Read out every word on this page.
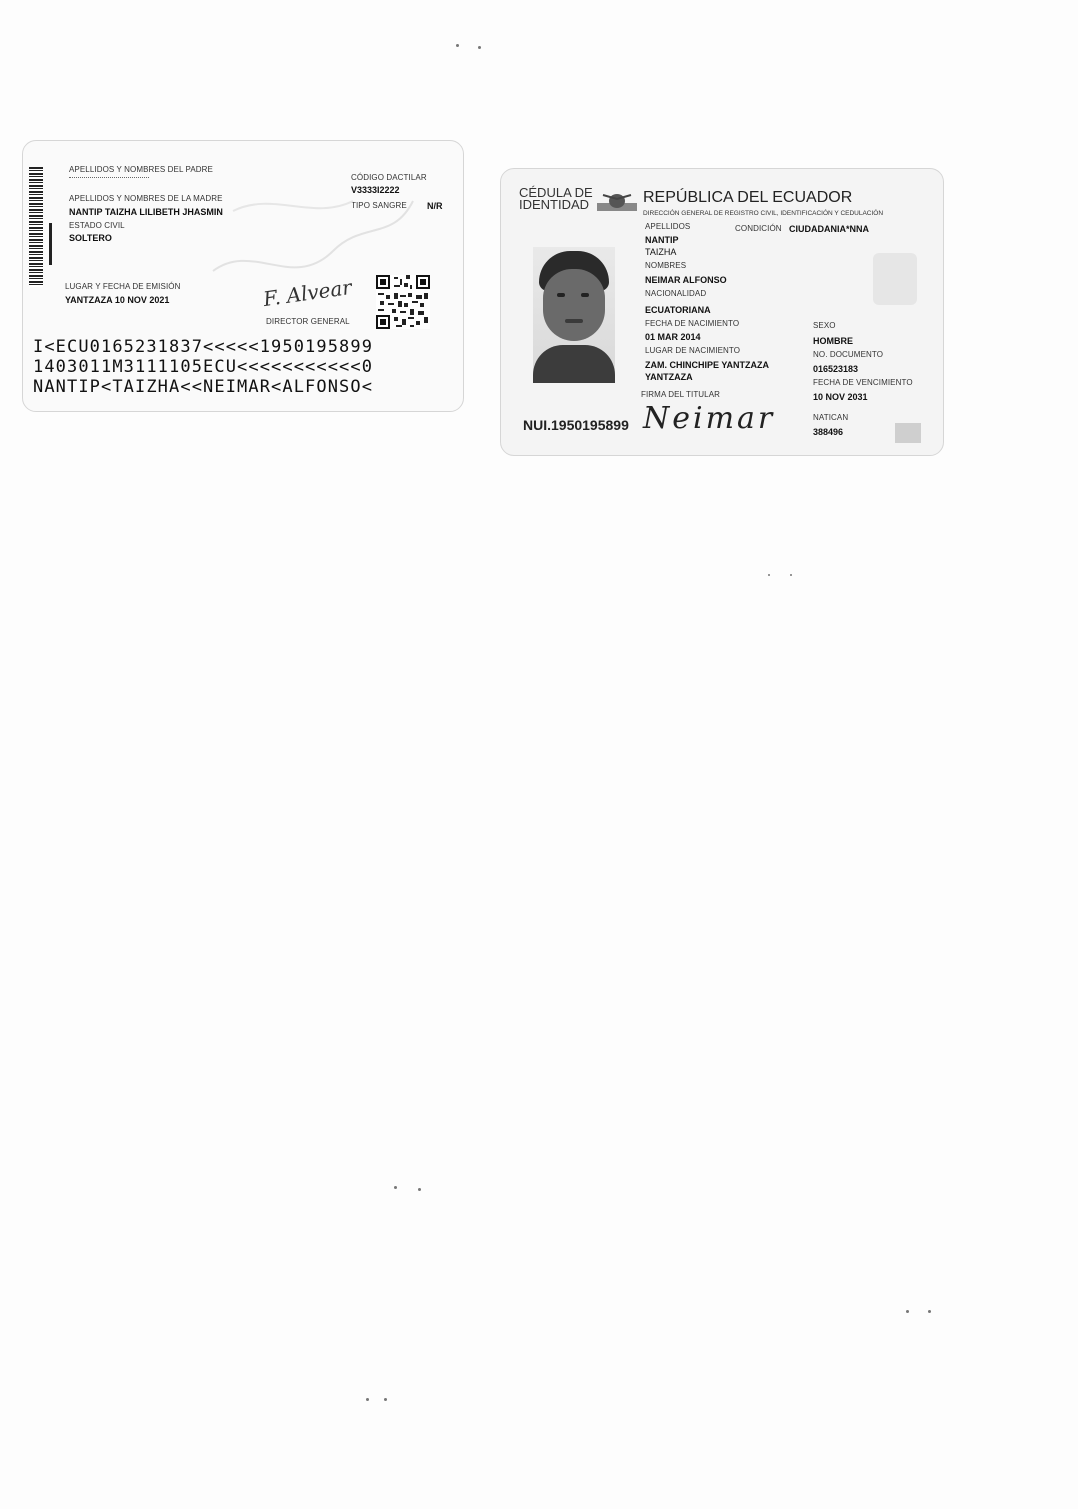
APELLIDOS Y NOMBRES DEL PADRE
APELLIDOS Y NOMBRES DE LA MADRE
NANTIP TAIZHA LILIBETH JHASMIN
ESTADO CIVIL
SOLTERO
CÓDIGO DACTILAR
V3333I2222
TIPO SANGRE N/R
LUGAR Y FECHA DE EMISIÓN
YANTZAZA 10 NOV 2021	F. Alvear
DIRECTOR GENERAL
I<ECU0165231837<<<<<1950195899
1403011M3111105ECU<<<<<<<<<<<0
NANTIP<TAIZHA<<NEIMAR<ALFONSO<
CÉDULA DE
IDENTIDAD	REPÚBLICA DEL ECUADOR
DIRECCIÓN GENERAL DE REGISTRO CIVIL, IDENTIFICACIÓN Y CEDULACIÓN
APELLIDOS
NANTIP
TAIZHA
CONDICIÓN CIUDADANIA*NNA
NOMBRES
NEIMAR ALFONSO
NACIONALIDAD
ECUATORIANA
FECHA DE NACIMIENTO
01 MAR 2014
LUGAR DE NACIMIENTO
ZAM. CHINCHIPE YANTZAZA
YANTZAZA
SEXO
HOMBRE
NO. DOCUMENTO
016523183
FECHA DE VENCIMIENTO
10 NOV 2031
FIRMA DEL TITULAR
Neimar
NUI.1950195899	NATICAN
388496
